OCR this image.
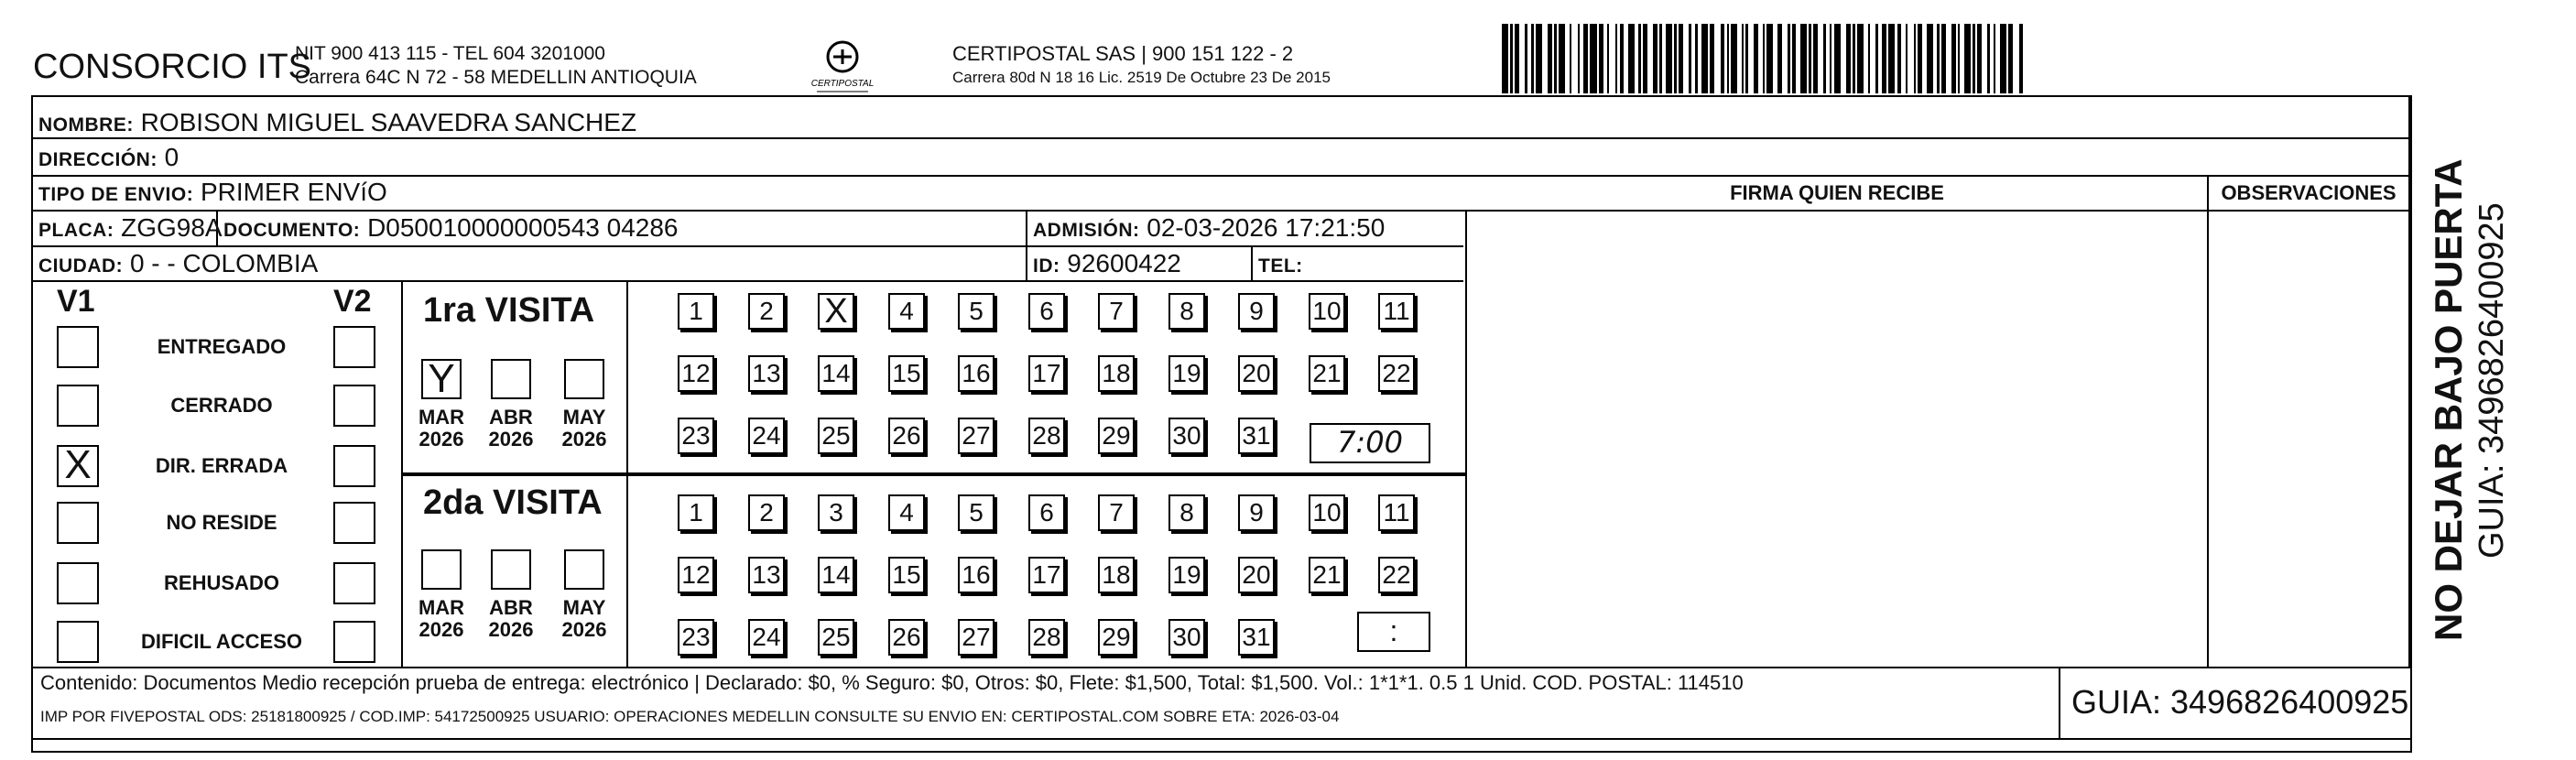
CONSORCIO ITS
NIT 900 413 115 - TEL 604 3201000
Carrera 64C N 72 - 58 MEDELLIN ANTIOQUIA	CERTIPOSTAL
CERTIPOSTAL SAS | 900 151 122 - 2
Carrera 80d N 18 16 Lic. 2519 De Octubre 23 De 2015
NOMBRE: ROBISON MIGUEL SAAVEDRA SANCHEZ
DIRECCIÓN: 0
TIPO DE ENVIO: PRIMER ENVíO
PLACA: ZGG98A DOCUMENTO: D050010000000543 04286	ADMISIÓN: 02-03-2026 17:21:50
CIUDAD: 0 - - COLOMBIA	ID: 92600422	TEL:
FIRMA QUIEN RECIBE	OBSERVACIONES
V1	V2
ENTREGADO
CERRADO
X	DIR. ERRADA
NO RESIDE
REHUSADO
DIFICIL ACCESO
1ra VISITA
Y
MAR
2026
ABR
2026
MAY
2026
1	2	X	4	5	6	7	8	9	10 11
12 13 14 15 16 17 18 19 20 21 22
23 24 25 26 27 28 29 30 31	7:00
2da VISITA
MAR
2026
ABR
2026
MAY
2026
1	2	3	4	5	6	7	8	9	10 11
12 13 14 15 16 17 18 19 20 21 22
23 24 25 26 27 28 29 30 31	:
Contenido: Documentos Medio recepción prueba de entrega: electrónico | Declarado: $0, % Seguro: $0, Otros: $0, Flete: $1,500, Total: $1,500. Vol.: 1*1*1. 0.5 1 Unid. COD. POSTAL: 114510
IMP POR FIVEPOSTAL ODS: 25181800925 / COD.IMP: 54172500925 USUARIO: OPERACIONES MEDELLIN CONSULTE SU ENVIO EN: CERTIPOSTAL.COM SOBRE ETA: 2026-03-04	GUIA: 3496826400925
NO DEJAR BAJO PUERTA GUIA: 3496826400925
